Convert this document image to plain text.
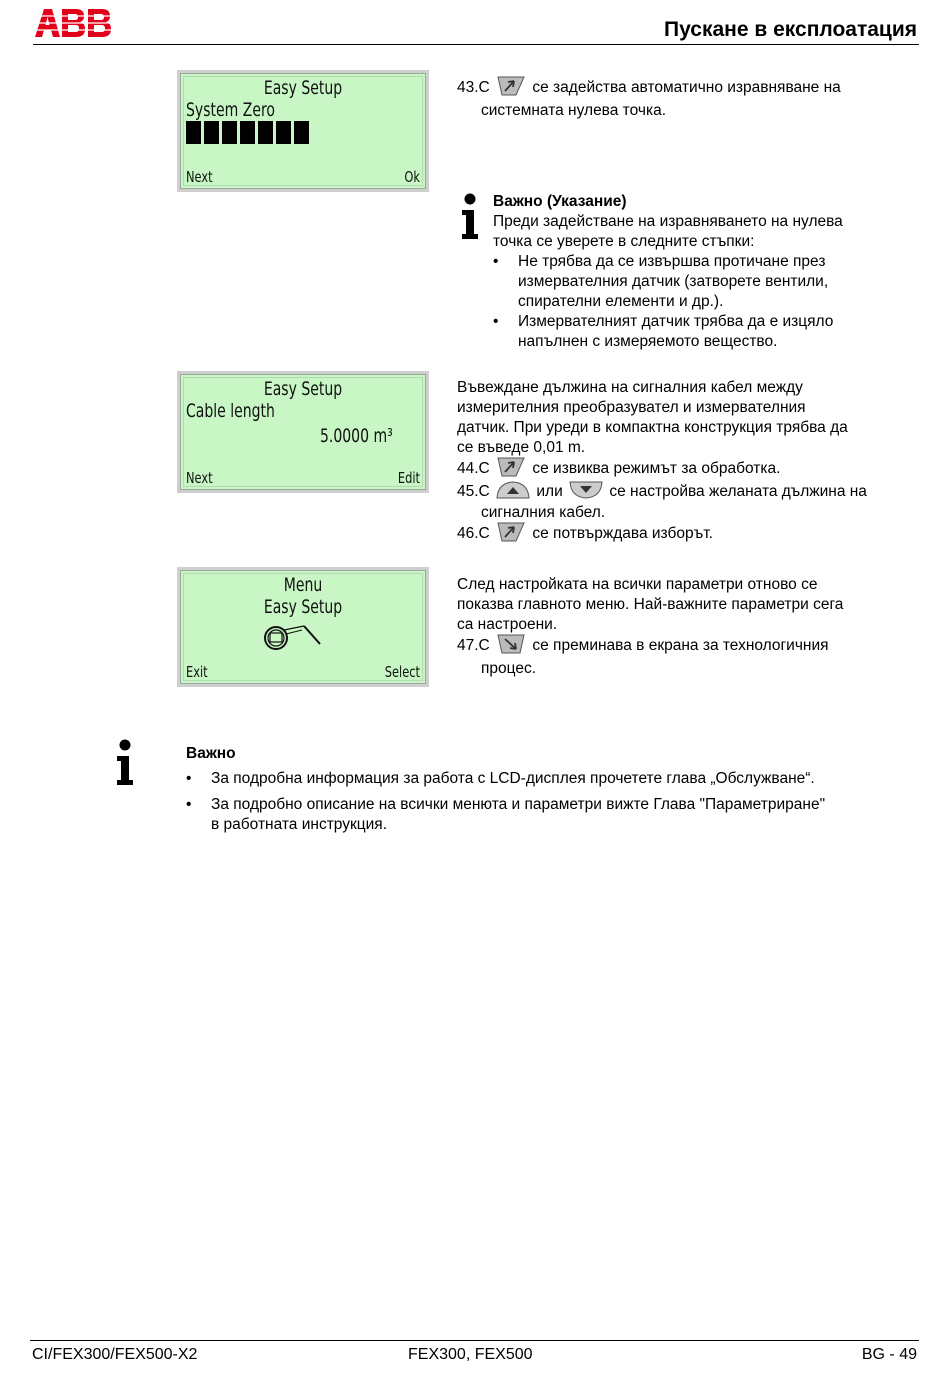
Пускане в експлоатация
Easy Setup
System Zero
Next	Ok
43.С	се задейства автоматично изравняване на
системната нулева точка.
Важно (Указание)
Преди задействане на изравняването на нулева
точка се уверете в следните стъпки:
• Не трябва да се извършва протичане през
измервателния датчик (затворете вентили,
спирателни елементи и др.).
• Измервателният датчик трябва да е изцяло
напълнен с измеряемото вещество.
Easy Setup
Cable length
5.0000 m³
Next	Edit
Въвеждане дължина на сигналния кабел между
измерителния преобразувател и измервателния
датчик. При уреди в компактна конструкция трябва да
се въведе 0,01 m.
44.С	се извиква режимът за обработка.
45.С	или	се настройва желаната дължина на
сигналния кабел.
46.С	се потвърждава изборът.
Menu
Easy Setup
Exit	Select
След настройката на всички параметри отново се
показва главното меню. Най-важните параметри сега
са настроени.
47.С	се преминава в екрана за технологичния
процес.
Важно
• За подробна информация за работа с LCD-дисплея прочетете глава „Обслужване“.
• За подробно описание на всички менюта и параметри вижте Глава "Параметриране"
в работната инструкция.
CI/FEX300/FEX500-X2	FEX300, FEX500	BG - 49
